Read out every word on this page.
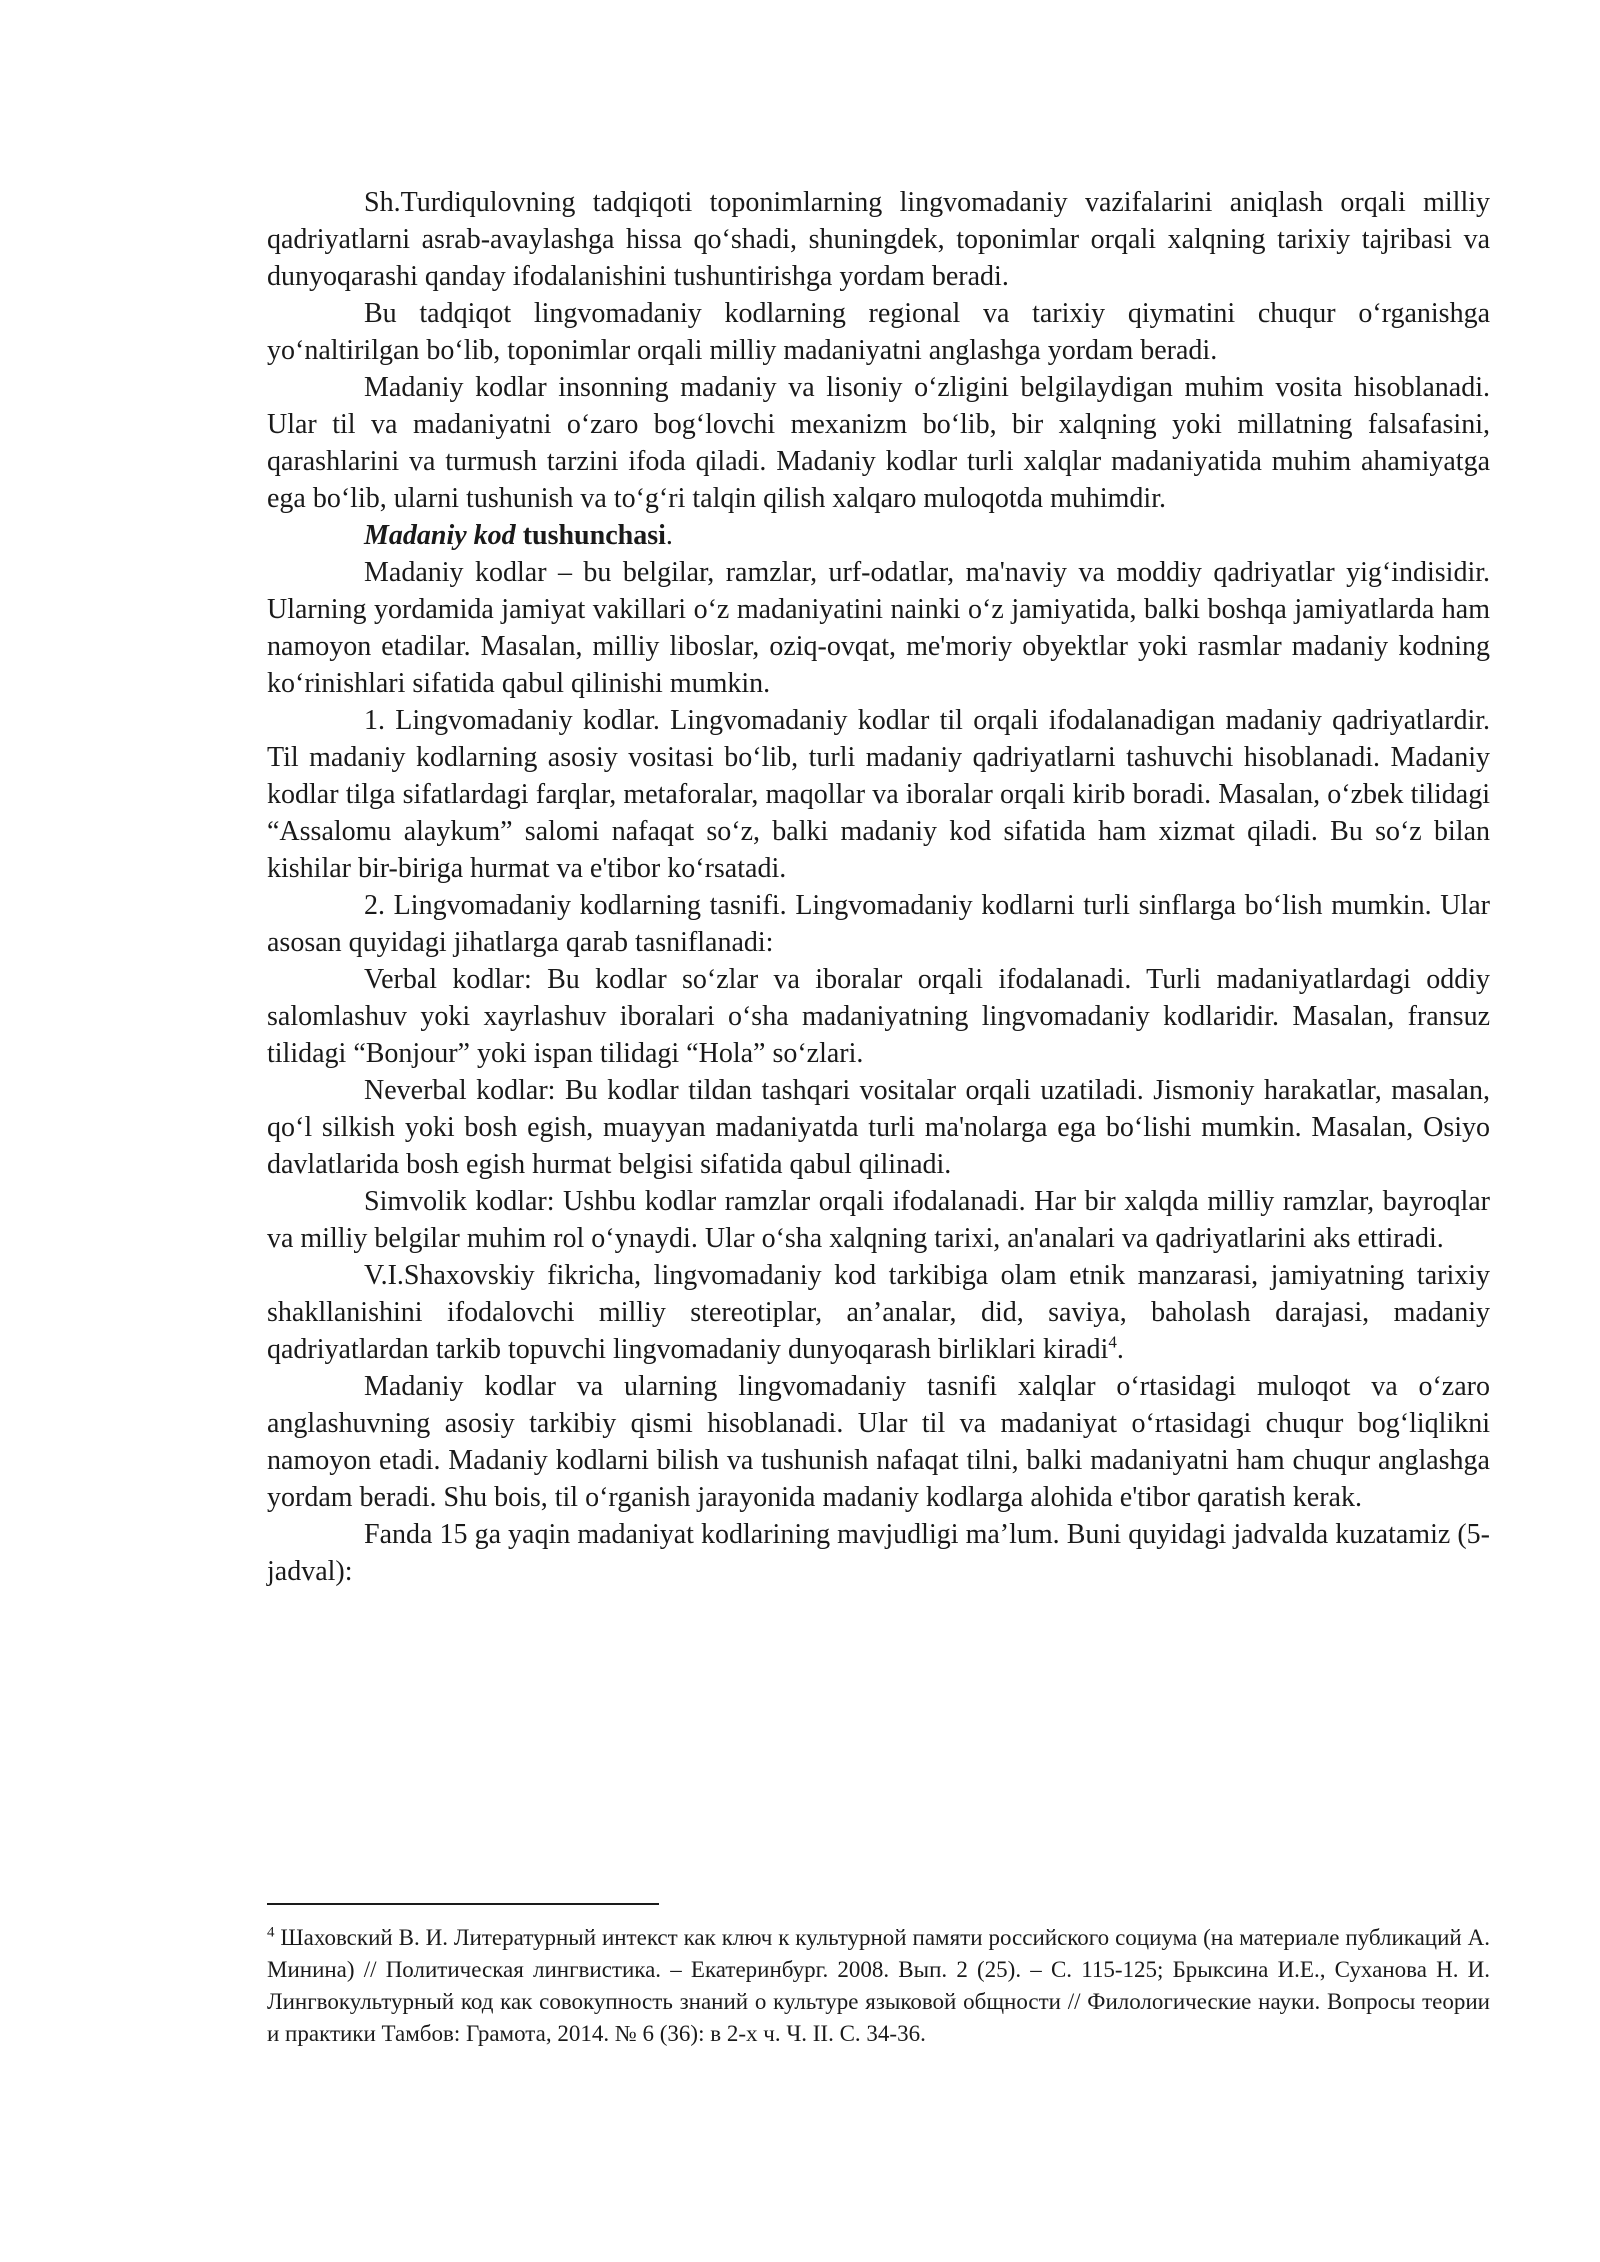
Sh.Turdiqulovning tadqiqoti toponimlarning lingvomadaniy vazifalarini aniqlash orqali milliy qadriyatlarni asrab-avaylashga hissa qo‘shadi, shuningdek, toponimlar orqali xalqning tarixiy tajribasi va dunyoqarashi qanday ifodalanishini tushuntirishga yordam beradi.

Bu tadqiqot lingvomadaniy kodlarning regional va tarixiy qiymatini chuqur o‘rganishga yo‘naltirilgan bo‘lib, toponimlar orqali milliy madaniyatni anglashga yordam beradi.

Madaniy kodlar insonning madaniy va lisoniy o‘zligini belgilaydigan muhim vosita hisoblanadi. Ular til va madaniyatni o‘zaro bog‘lovchi mexanizm bo‘lib, bir xalqning yoki millatning falsafasini, qarashlarini va turmush tarzini ifoda qiladi. Madaniy kodlar turli xalqlar madaniyatida muhim ahamiyatga ega bo‘lib, ularni tushunish va to‘g‘ri talqin qilish xalqaro muloqotda muhimdir.

Madaniy kod tushunchasi.

Madaniy kodlar – bu belgilar, ramzlar, urf-odatlar, ma'naviy va moddiy qadriyatlar yig‘indisidir. Ularning yordamida jamiyat vakillari o‘z madaniyatini nainki o‘z jamiyatida, balki boshqa jamiyatlarda ham namoyon etadilar. Masalan, milliy liboslar, oziq-ovqat, me'moriy obyektlar yoki rasmlar madaniy kodning ko‘rinishlari sifatida qabul qilinishi mumkin.

1. Lingvomadaniy kodlar. Lingvomadaniy kodlar til orqali ifodalanadigan madaniy qadriyatlardir. Til madaniy kodlarning asosiy vositasi bo‘lib, turli madaniy qadriyatlarni tashuvchi hisoblanadi. Madaniy kodlar tilga sifatlardagi farqlar, metaforalar, maqollar va iboralar orqali kirib boradi. Masalan, o‘zbek tilidagi “Assalomu alaykum” salomi nafaqat so‘z, balki madaniy kod sifatida ham xizmat qiladi. Bu so‘z bilan kishilar bir-biriga hurmat va e'tibor ko‘rsatadi.

2. Lingvomadaniy kodlarning tasnifi. Lingvomadaniy kodlarni turli sinflarga bo‘lish mumkin. Ular asosan quyidagi jihatlarga qarab tasniflanadi:

Verbal kodlar: Bu kodlar so‘zlar va iboralar orqali ifodalanadi. Turli madaniyatlardagi oddiy salomlashuv yoki xayrlashuv iboralari o‘sha madaniyatning lingvomadaniy kodlaridir. Masalan, fransuz tilidagi “Bonjour” yoki ispan tilidagi “Hola” so‘zlari.

Neverbal kodlar: Bu kodlar tildan tashqari vositalar orqali uzatiladi. Jismoniy harakatlar, masalan, qo‘l silkish yoki bosh egish, muayyan madaniyatda turli ma'nolarga ega bo‘lishi mumkin. Masalan, Osiyo davlatlarida bosh egish hurmat belgisi sifatida qabul qilinadi.

Simvolik kodlar: Ushbu kodlar ramzlar orqali ifodalanadi. Har bir xalqda milliy ramzlar, bayroqlar va milliy belgilar muhim rol o‘ynaydi. Ular o‘sha xalqning tarixi, an'analari va qadriyatlarini aks ettiradi.

V.I.Shaxovskiy fikricha, lingvomadaniy kod tarkibiga olam etnik manzarasi, jamiyatning tarixiy shakllanishini ifodalovchi milliy stereotiplar, an’analar, did, saviya, baholash darajasi, madaniy qadriyatlardan tarkib topuvchi lingvomadaniy dunyoqarash birliklari kiradi$^4$.

Madaniy kodlar va ularning lingvomadaniy tasnifi xalqlar o‘rtasidagi muloqot va o‘zaro anglashuvning asosiy tarkibiy qismi hisoblanadi. Ular til va madaniyat o‘rtasidagi chuqur bog‘liqlikni namoyon etadi. Madaniy kodlarni bilish va tushunish nafaqat tilni, balki madaniyatni ham chuqur anglashga yordam beradi. Shu bois, til o‘rganish jarayonida madaniy kodlarga alohida e'tibor qaratish kerak.

Fanda 15 ga yaqin madaniyat kodlarining mavjudligi ma’lum. Buni quyidagi jadvalda kuzatamiz (5-jadval):

$^4$ Шаховский В. И. Литературный интекст как ключ к культурной памяти российского социума (на материале публикаций А. Минина) // Политическая лингвистика. – Екатеринбург. 2008. Вып. 2 (25). – С. 115-125; Брыксина И.Е., Суханова Н. И. Лингвокультурный код как совокупность знаний о культуре языковой общности // Филологические науки. Вопросы теории и практики Тамбов: Грамота, 2014. № 6 (36): в 2-х ч. Ч. II. С. 34-36.
